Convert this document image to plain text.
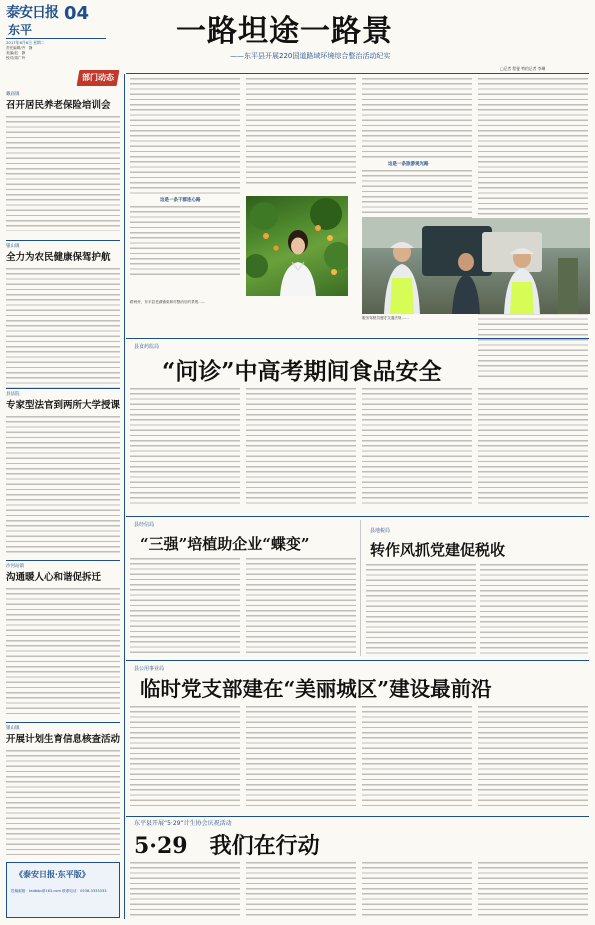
泰安日报 04
东平
2017年6月6日 星期二
责任编辑/齐　静
美编/赵　静
校对/周广玲
部门动态
一路坦途一路景
——东平县开展220国道路域环境综合整治活动纪实
□记者 程斐 特约记者 李琳
戴庙镇
召开居民养老保险培训会
银山镇
全力为农民健康保驾护航
县法院
专家型法官到两所大学授课
沙河站镇
沟通暖人心和谐促拆迁
银山镇
开展计划生育信息核查活动
《泰安日报·东平版》
投稿邮箱：tadbdp@163.com 联系电话：0538-3333333
这是一条干群连心路
这是一条旅游观光路
路两旁，东平县老湖镇梁林村整治后的景观……
服务驾驶员遵守交通法规……
县食药监局
“问诊”中高考期间食品安全
县经信局
“三强”培植助企业“蝶变”
县地税局
转作风抓党建促税收
县公用事业局
临时党支部建在“美丽城区”建设最前沿
东平县开展“5·29”计生协会庆祝活动
5·29　我们在行动
